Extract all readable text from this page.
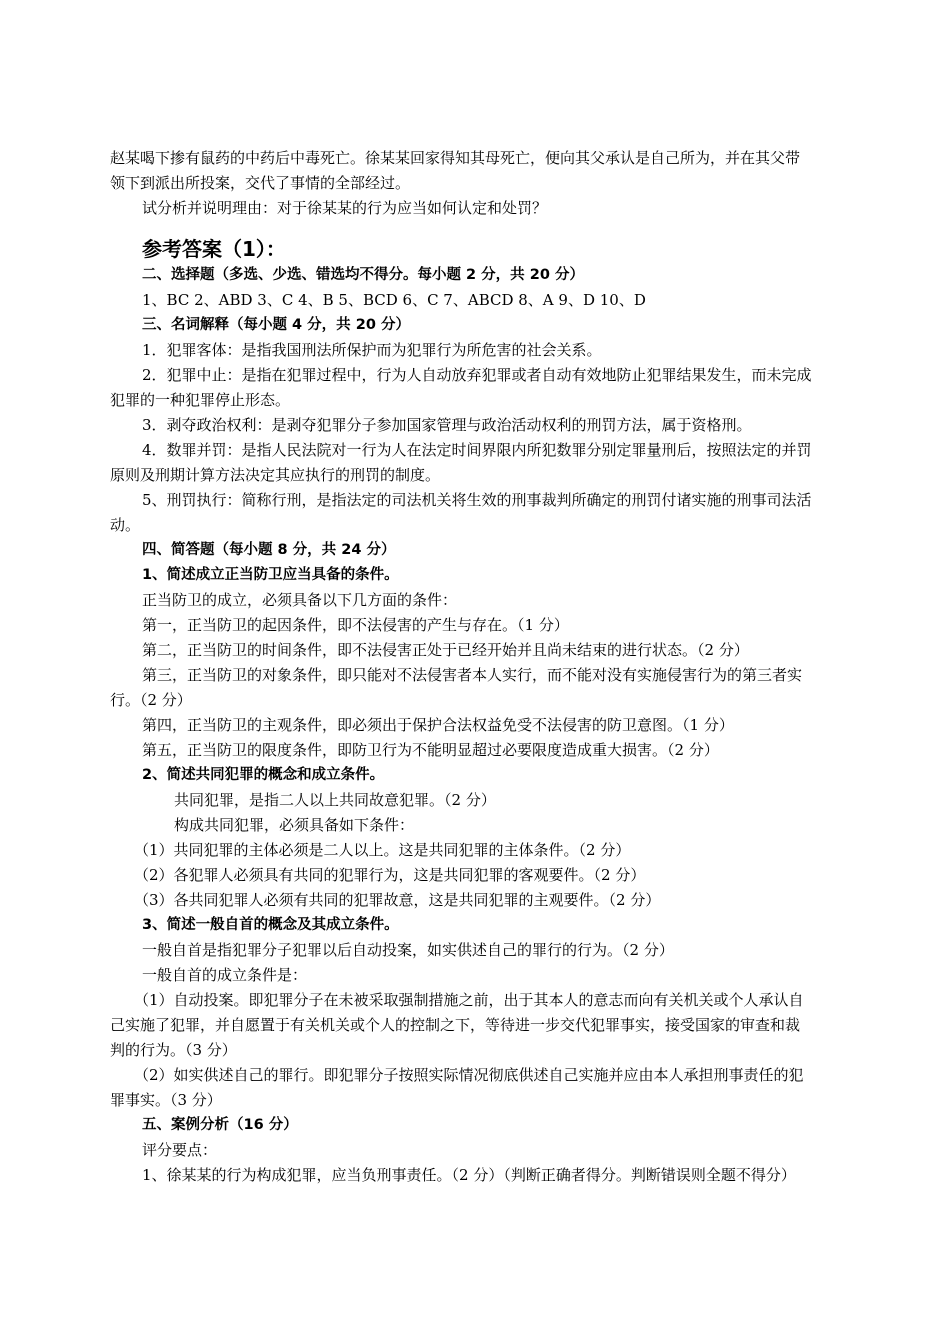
赵某喝下掺有鼠药的中药后中毒死亡。徐某某回家得知其母死亡，便向其父承认是自己所为，并在其父带
领下到派出所投案，交代了事情的全部经过。
试分析并说明理由：对于徐某某的行为应当如何认定和处罚？
参考答案（1）：
二、选择题（多选、少选、错选均不得分。每小题 2 分，共 20 分）
1、BC 2、ABD 3、C 4、B 5、BCD 6、C 7、ABCD 8、A 9、D 10、D
三、名词解释（每小题 4 分，共 20 分）
1．犯罪客体：是指我国刑法所保护而为犯罪行为所危害的社会关系。
2．犯罪中止：是指在犯罪过程中，行为人自动放弃犯罪或者自动有效地防止犯罪结果发生，而未完成
犯罪的一种犯罪停止形态。
3．剥夺政治权利：是剥夺犯罪分子参加国家管理与政治活动权利的刑罚方法，属于资格刑。
4．数罪并罚：是指人民法院对一行为人在法定时间界限内所犯数罪分别定罪量刑后，按照法定的并罚
原则及刑期计算方法决定其应执行的刑罚的制度。
5、刑罚执行：简称行刑，是指法定的司法机关将生效的刑事裁判所确定的刑罚付诸实施的刑事司法活
动。
四、简答题（每小题 8 分，共 24 分）
1、简述成立正当防卫应当具备的条件。
正当防卫的成立，必须具备以下几方面的条件：
第一，正当防卫的起因条件，即不法侵害的产生与存在。（1 分）
第二，正当防卫的时间条件，即不法侵害正处于已经开始并且尚未结束的进行状态。（2 分）
第三，正当防卫的对象条件，即只能对不法侵害者本人实行，而不能对没有实施侵害行为的第三者实
行。（2 分）
第四，正当防卫的主观条件，即必须出于保护合法权益免受不法侵害的防卫意图。（1 分）
第五，正当防卫的限度条件，即防卫行为不能明显超过必要限度造成重大损害。（2 分）
2、简述共同犯罪的概念和成立条件。
共同犯罪，是指二人以上共同故意犯罪。（2 分）
构成共同犯罪，必须具备如下条件：
（1）共同犯罪的主体必须是二人以上。这是共同犯罪的主体条件。（2 分）
（2）各犯罪人必须具有共同的犯罪行为，这是共同犯罪的客观要件。（2 分）
（3）各共同犯罪人必须有共同的犯罪故意，这是共同犯罪的主观要件。（2 分）
3、简述一般自首的概念及其成立条件。
一般自首是指犯罪分子犯罪以后自动投案，如实供述自己的罪行的行为。（2 分）
一般自首的成立条件是：
（1）自动投案。即犯罪分子在未被采取强制措施之前，出于其本人的意志而向有关机关或个人承认自
己实施了犯罪，并自愿置于有关机关或个人的控制之下，等待进一步交代犯罪事实，接受国家的审查和裁
判的行为。（3 分）
（2）如实供述自己的罪行。即犯罪分子按照实际情况彻底供述自己实施并应由本人承担刑事责任的犯
罪事实。（3 分）
五、案例分析（16 分）
评分要点：
1、徐某某的行为构成犯罪，应当负刑事责任。（2 分）（判断正确者得分。判断错误则全题不得分）
